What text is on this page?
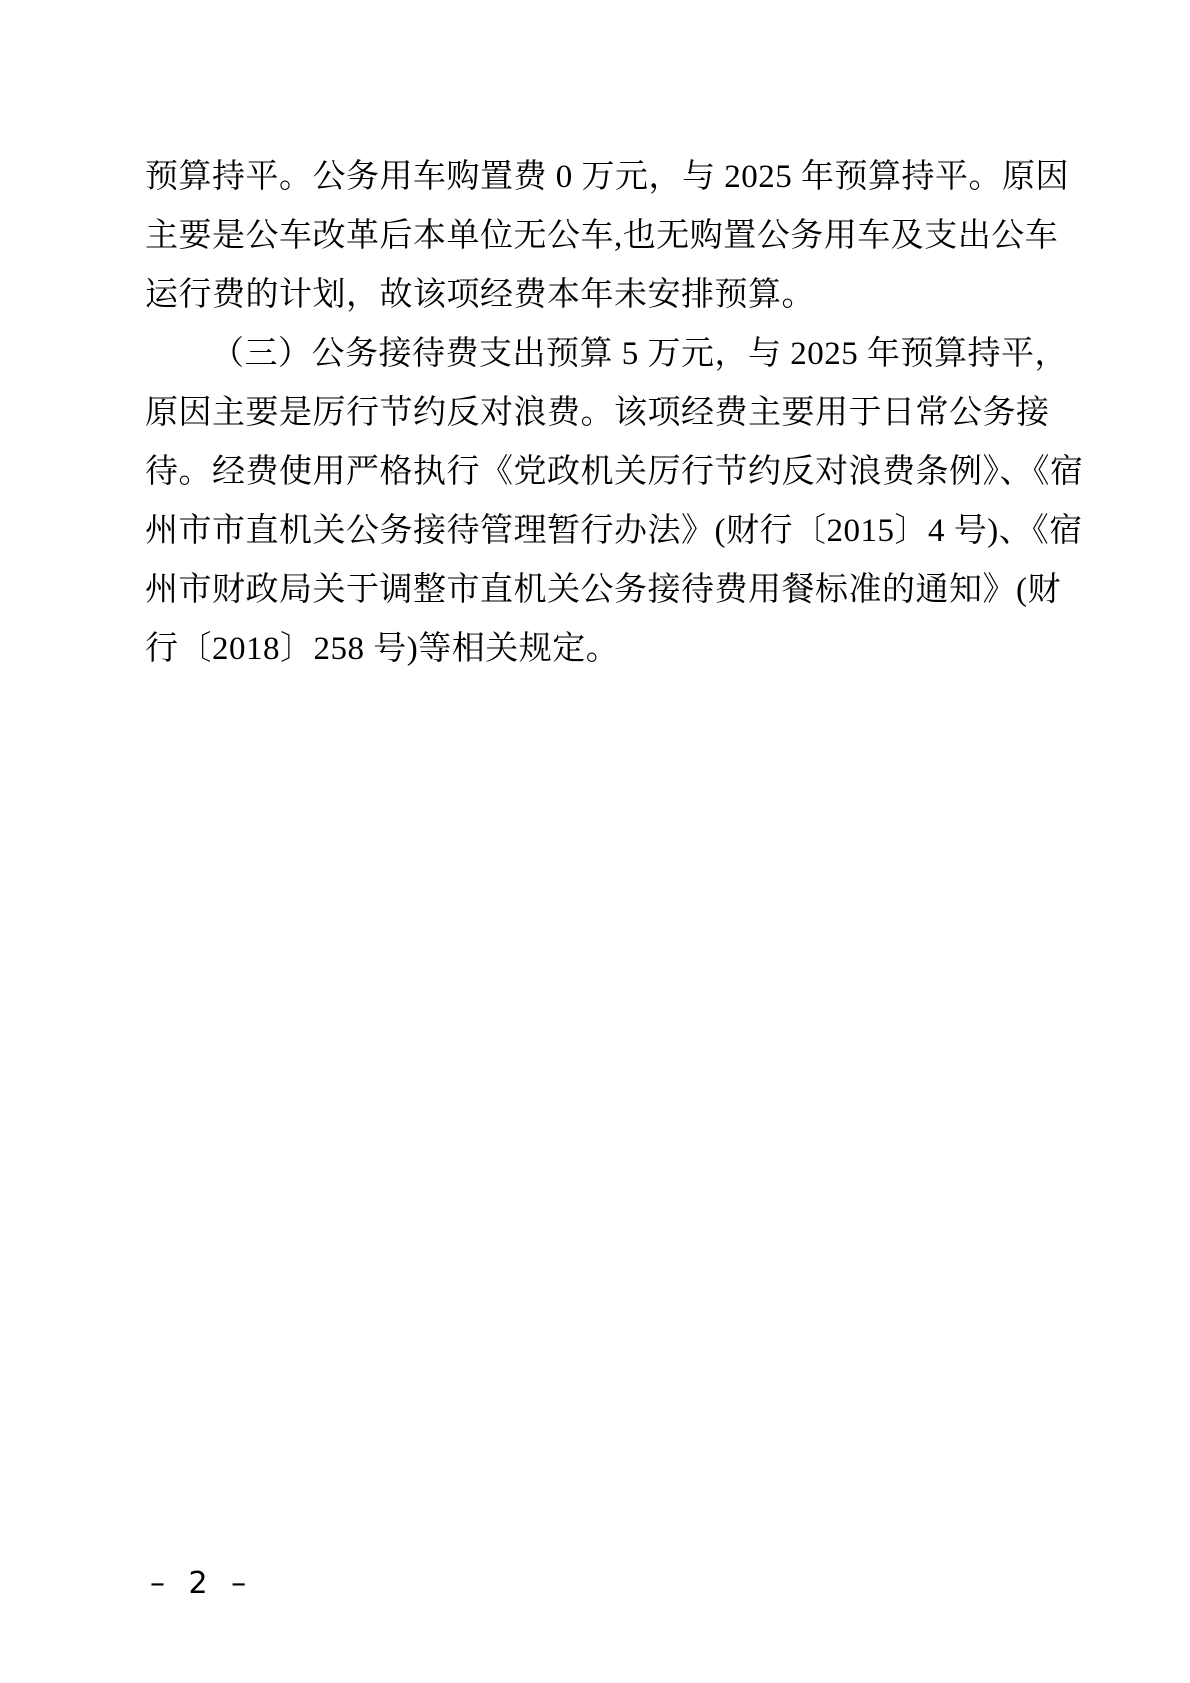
预算持平。公务用车购置费 0 万元，与 2025 年预算持平。原因
主要是公车改革后本单位无公车,也无购置公务用车及支出公车
运行费的计划，故该项经费本年未安排预算。
（三）公务接待费支出预算 5 万元，与 2025 年预算持平，
原因主要是厉行节约反对浪费。该项经费主要用于日常公务接
待。经费使用严格执行《党政机关厉行节约反对浪费条例》、《宿
州市市直机关公务接待管理暂行办法》(财行〔2015〕4 号)、《宿
州市财政局关于调整市直机关公务接待费用餐标准的通知》(财
行〔2018〕258 号)等相关规定。
– 2 –
